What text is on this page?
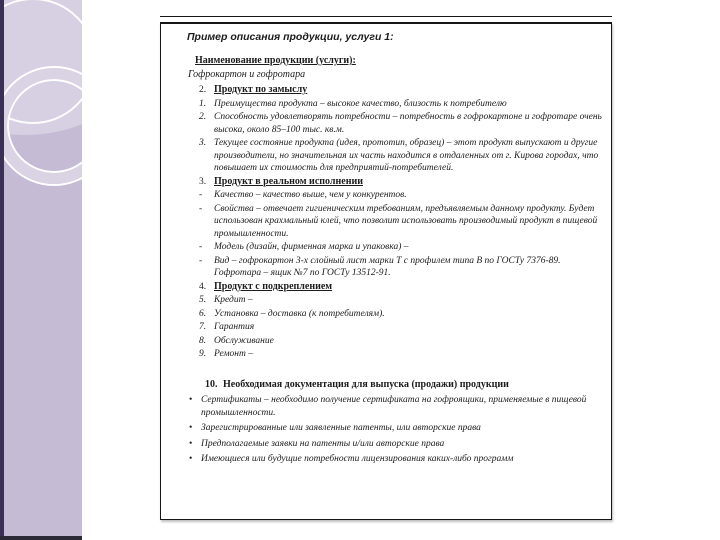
Пример описания продукции, услуги 1:
Наименование продукции (услуги):
Гофрокартон и гофротара
2. Продукт по замыслу
1. Преимущества продукта – высокое качество, близость к потребителю
2. Способность удовлетворять потребности – потребность в гофрокартоне и гофротаре очень высока, около 85–100 тыс. кв.м.
3. Текущее состояние продукта (идея, прототип, образец) – этот продукт выпускают и другие производители, но значительная их часть находится в отдаленных от г. Кирова городах, что повышает их стоимость для предприятий-потребителей.
3. Продукт в реальном исполнении
-	Качество – качество выше, чем у конкурентов.
-	Свойства – отвечает гигиеническим требованиям, предъявляемым данному продукту. Будет использован крахмальный клей, что позволит использовать производимый продукт в пищевой промышленности.
-	Модель (дизайн, фирменная марка и упаковка) –
-	Вид – гофрокартон 3-х слойный лист марки Т с профилем типа В по ГОСТу 7376-89. Гофротара – ящик №7 по ГОСТу 13512-91.
4. Продукт с подкреплением
5. Кредит –
6. Установка – доставка (к потребителям).
7. Гарантия
8. Обслуживание
9. Ремонт –
10. Необходимая документация для выпуска (продажи) продукции
• Сертификаты – необходимо получение сертификата на гофроящики, применяемые в пищевой промышленности.
• Зарегистрированные или заявленные патенты, или авторские права
• Предполагаемые заявки на патенты и/или авторские права
• Имеющиеся или будущие потребности лицензирования каких-либо программ
